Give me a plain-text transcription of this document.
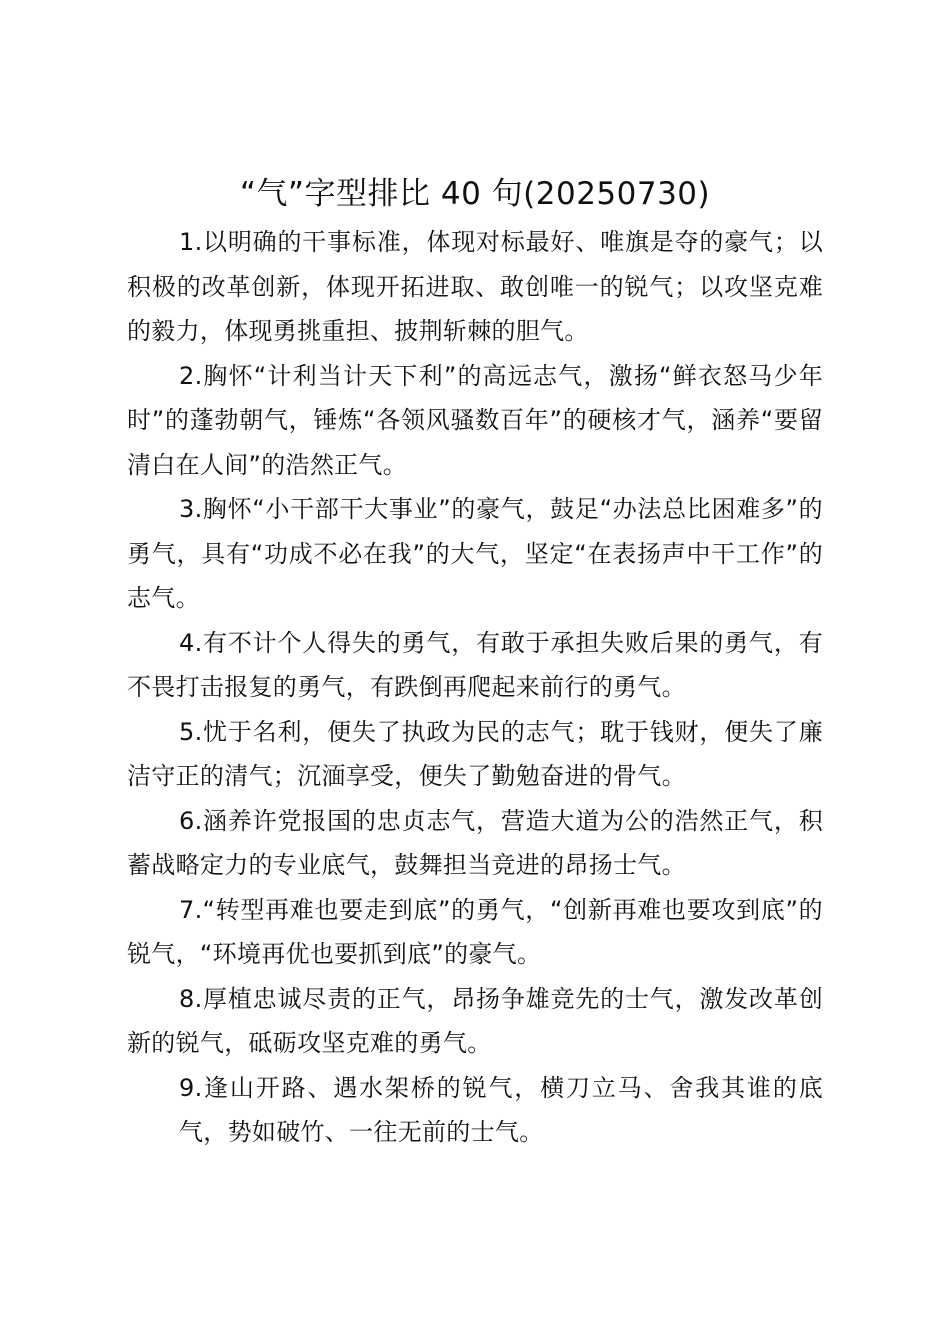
“气”字型排比 40 句(20250730)

1.以明确的干事标准，体现对标最好、唯旗是夺的豪气；以积极的改革创新，体现开拓进取、敢创唯一的锐气；以攻坚克难的毅力，体现勇挑重担、披荆斩棘的胆气。

2.胸怀“计利当计天下利”的高远志气，激扬“鲜衣怒马少年时”的蓬勃朝气，锤炼“各领风骚数百年”的硬核才气，涵养“要留清白在人间”的浩然正气。

3.胸怀“小干部干大事业”的豪气，鼓足“办法总比困难多”的勇气，具有“功成不必在我”的大气，坚定“在表扬声中干工作”的志气。

4.有不计个人得失的勇气，有敢于承担失败后果的勇气，有不畏打击报复的勇气，有跌倒再爬起来前行的勇气。

5.忧于名利，便失了执政为民的志气；耽于钱财，便失了廉洁守正的清气；沉湎享受，便失了勤勉奋进的骨气。

6.涵养许党报国的忠贞志气，营造大道为公的浩然正气，积蓄战略定力的专业底气，鼓舞担当竞进的昂扬士气。

7.“转型再难也要走到底”的勇气，“创新再难也要攻到底”的锐气，“环境再优也要抓到底”的豪气。

8.厚植忠诚尽责的正气，昂扬争雄竞先的士气，激发改革创新的锐气，砥砺攻坚克难的勇气。

9.逢山开路、遇水架桥的锐气，横刀立马、舍我其谁的底气，势如破竹、一往无前的士气。
